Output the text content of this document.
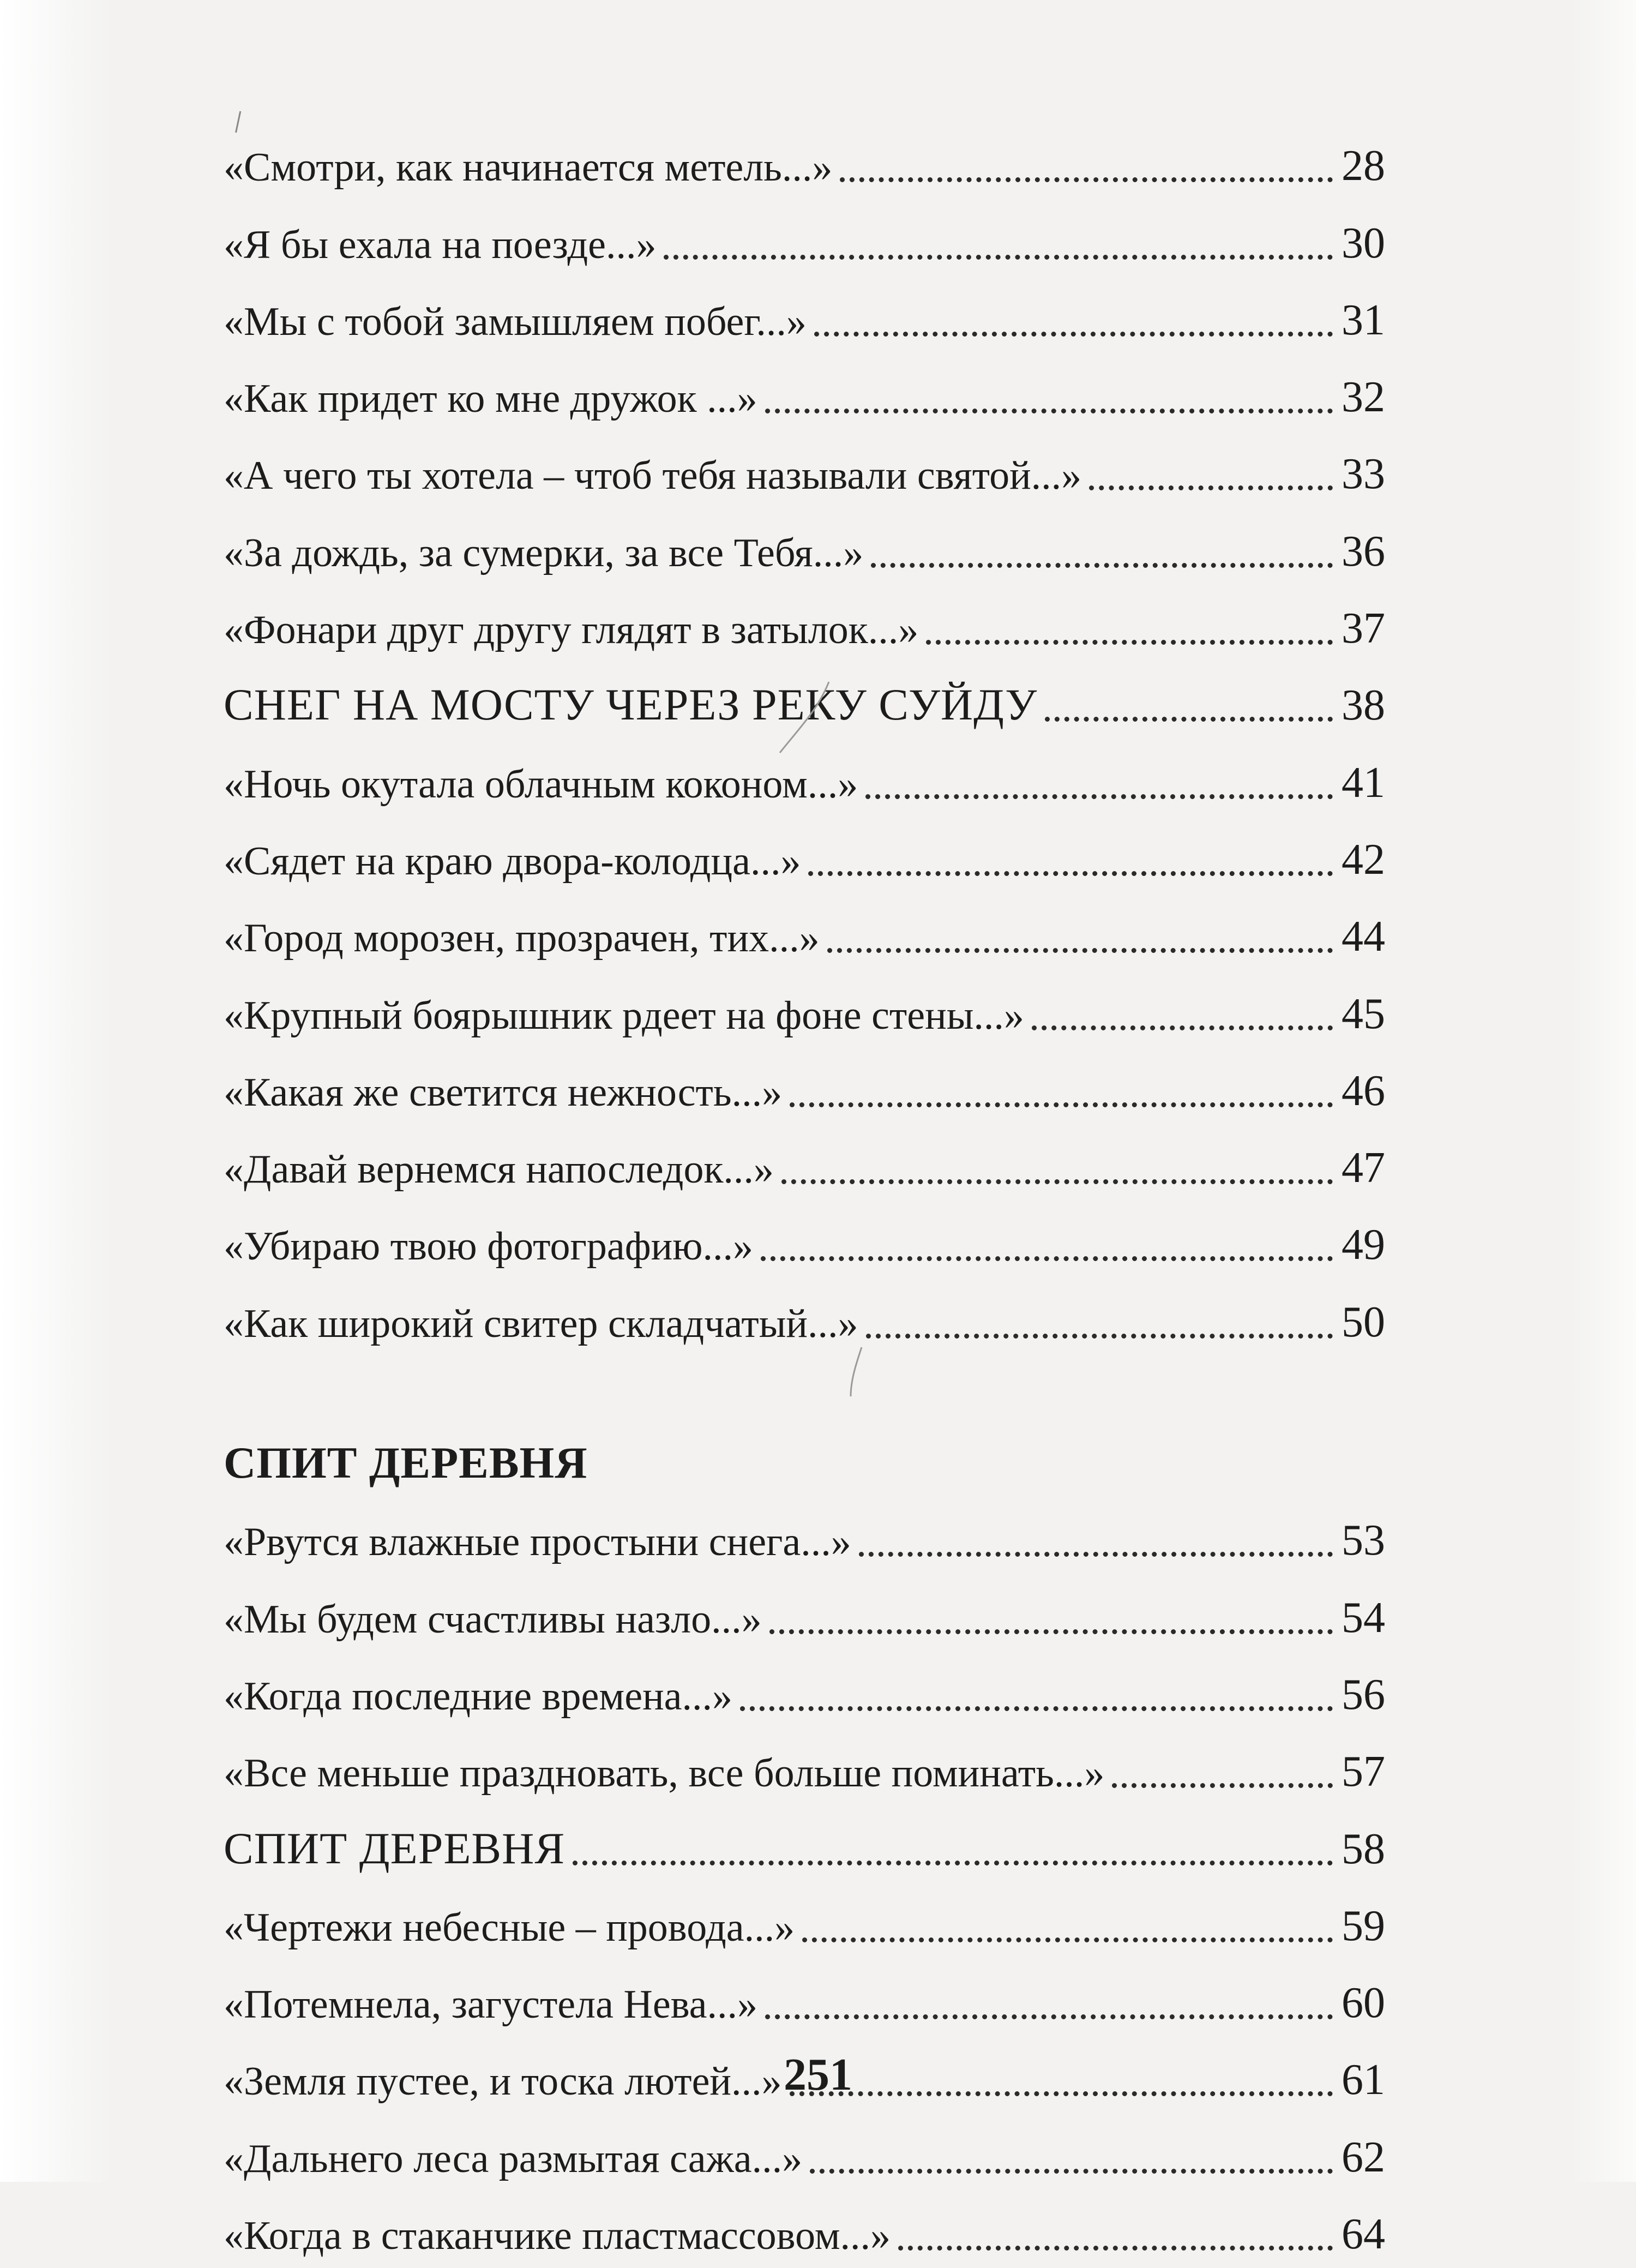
«Смотри, как начинается метель...»	28
«Я бы ехала на поезде...»	30
«Мы с тобой замышляем побег...»	31
«Как придет ко мне дружок ...»	32
«А чего ты хотела – чтоб тебя называли святой...»	33
«За дождь, за сумерки, за все Тебя...»	36
«Фонари друг другу глядят в затылок...»	37
СНЕГ НА МОСТУ ЧЕРЕЗ РЕКУ СУЙДУ	38
«Ночь окутала облачным коконом...»	41
«Сядет на краю двора-колодца...»	42
«Город морозен, прозрачен, тих...»	44
«Крупный боярышник рдеет на фоне стены...»	45
«Какая же светится нежность...»	46
«Давай вернемся напоследок...»	47
«Убираю твою фотографию...»	49
«Как широкий свитер складчатый...»	50
СПИТ ДЕРЕВНЯ
«Рвутся влажные простыни снега...»	53
«Мы будем счастливы назло...»	54
«Когда последние времена...»	56
«Все меньше праздновать, все больше поминать...»	57
СПИТ ДЕРЕВНЯ	58
«Чертежи небесные – провода...»	59
«Потемнела, загустела Нева...»	60
«Земля пустее, и тоска лютей...»	61
«Дальнего леса размытая сажа...»	62
«Когда в стаканчике пластмассовом...»	64
251
